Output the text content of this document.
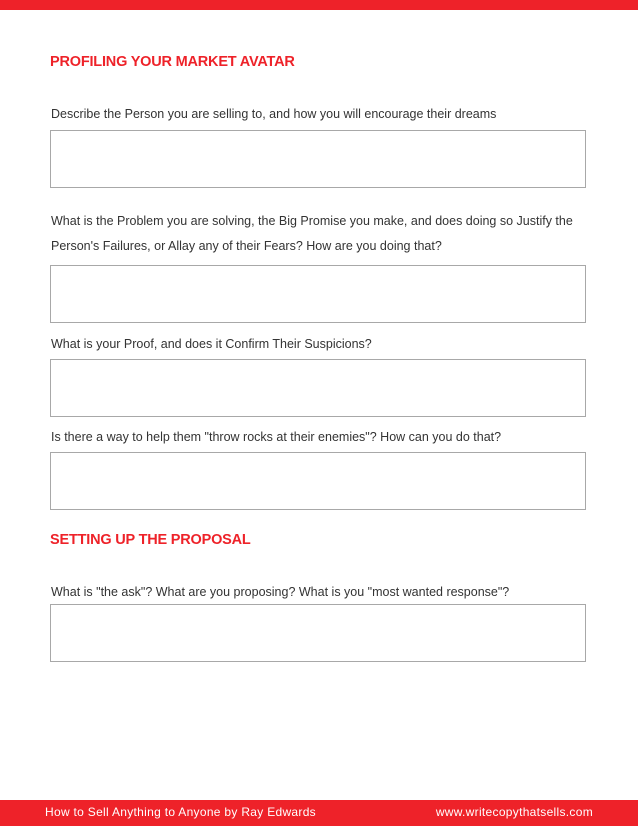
PROFILING YOUR MARKET AVATAR
Describe the Person you are selling to, and how you will encourage their dreams
What is the Problem you are solving, the Big Promise you make, and does doing so Justify the Person's Failures, or Allay any of their Fears? How are you doing that?
What is your Proof, and does it Confirm Their Suspicions?
Is there a way to help them "throw rocks at their enemies"? How can you do that?
SETTING UP THE PROPOSAL
What is "the ask"? What are you proposing? What is you "most wanted response"?
How to Sell Anything to Anyone by Ray Edwards	www.writecopythatsells.com
